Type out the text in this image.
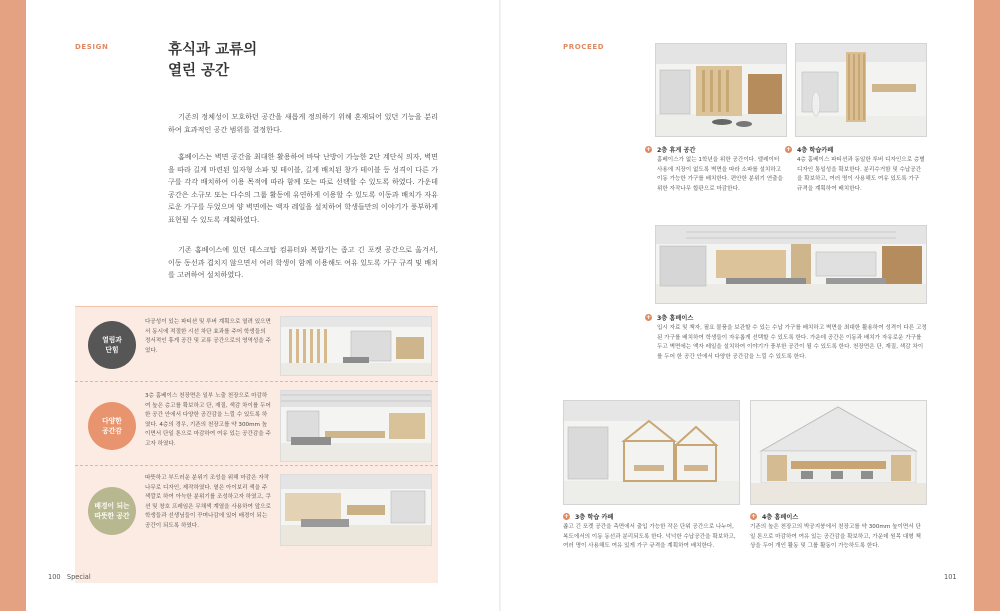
DESIGN	휴식과 교류의
열린 공간

기존의 정체성이 모호하던 공간을 새롭게 정의하기 위해 혼재되어 있던 기능을 분리하여 효과적인 공간 범위를 결정한다.

홈베이스는 벽면 공간을 최대한 활용하여 바닥 난방이 가능한 2단 계단식 의자, 벽면을 따라 길게 마련된 일자형 소파 및 테이블, 길게 배치된 창가 테이블 등 성격이 다른 가구를 각각 배치하여 이용 목적에 따라 함께 또는 따로 선택할 수 있도록 하였다. 가운데 공간은 소규모 또는 다수의 그룹 활동에 유연하게 이용할 수 있도록 이동과 배치가 자유로운 가구를 두었으며 양 벽면에는 액자 레일을 설치하여 학생들만의 이야기가 풍부하게 표현될 수 있도록 계획하였다.

기존 홈베이스에 있던 데스크탑 컴퓨터와 복합기는 좁고 긴 포켓 공간으로 옮겨서, 이동 동선과 겹치지 않으면서 여러 학생이 함께 이용해도 여유 있도록 가구 규격 및 배치를 고려하여 설치하였다.

열림과
단힘

다공성이 있는 파티션 및 루버 계획으로 열려 있으면서 동시에 적절한 시선 차단 효과를 주어 학생들의 정서적인 휴게 공간 및 교류 공간으로의 영역성을 주었다.

다양한
공간감

3층 홈베이스 천장면은 일부 노출 천장으로 마감하여 높은 층고를 확보하고 단, 재질, 색감 차이를 두어 한 공간 안에서 다양한 공간감을 느낄 수 있도록 하였다. 4층의 경우, 기존의 천장고를 약 300mm 높이면서 단일 톤으로 마감하여 여유 있는 공간감을 주고자 하였다.

배경이 되는
따뜻한 공간

따뜻하고 부드러운 분위기 조성을 위해 마감은 자작나무로 디자인, 제작하였다. 옅은 아이보리 색을 주 색깔로 하여 아늑한 분위기를 조성하고자 하였고, 쿠션 및 창호 프레임은 무채색 계열을 사용하여 앞으로 학생들과 선생님들이 꾸며나감에 있어 배경이 되는 공간이 되도록 하였다.

100 Special
PROCEED
+ 2층 휴게 공간

홈베이스가 없는 1학년을 위한 공간이다. 엘레이터 사용에 지장이 없도록 벽면을 따라 소파를 설치하고 이동 가능한 가구를 배치한다. 편안한 분위기 연출을 위한 자작나무 합판으로 마감한다.

+ 4층 학습카페

4층 홈베이스 파티션과 동일한 루버 디자인으로 층별 디자인 통일성을 확보한다. 분리수거함 및 수납공간을 확보하고, 여러 명이 사용해도 여유 있도록 가구 규격을 계획하여 배치한다.

+ 3층 홈베이스

입시 자료 및 책자, 필요 물품을 보관할 수 있는 수납 가구를 배치하고 벽면을 최대한 활용하여 성격이 다른 고정된 가구를 배치하여 학생들이 자유롭게 선택할 수 있도록 한다. 가운데 공간은 이동과 배치가 자유로운 가구를 두고 벽면에는 액자 레일을 설치하여 이야기가 풍부한 공간이 될 수 있도록 한다. 천장면은 단, 재질, 색감 차이를 두어 한 공간 안에서 다양한 공간감을 느낄 수 있도록 한다.

+ 3층 학습 카페

좁고 긴 포켓 공간을 측면에서 출입 가능한 작은 단위 공간으로 나누어, 복도에서의 이동 동선과 분리되도록 한다. 넉넉한 수납공간을 확보하고, 여러 명이 사용해도 여유 있게 가구 규격을 계획하여 배치한다.

+ 4층 홈베이스

기존의 높은 천장고의 박공지붕에서 천장고를 약 300mm 높이면서 단일 톤으로 마감하여 여유 있는 공간감을 확보하고, 가운데 원목 대형 책상을 두어 개인 활동 및 그룹 활동이 가능하도록 한다.

101
